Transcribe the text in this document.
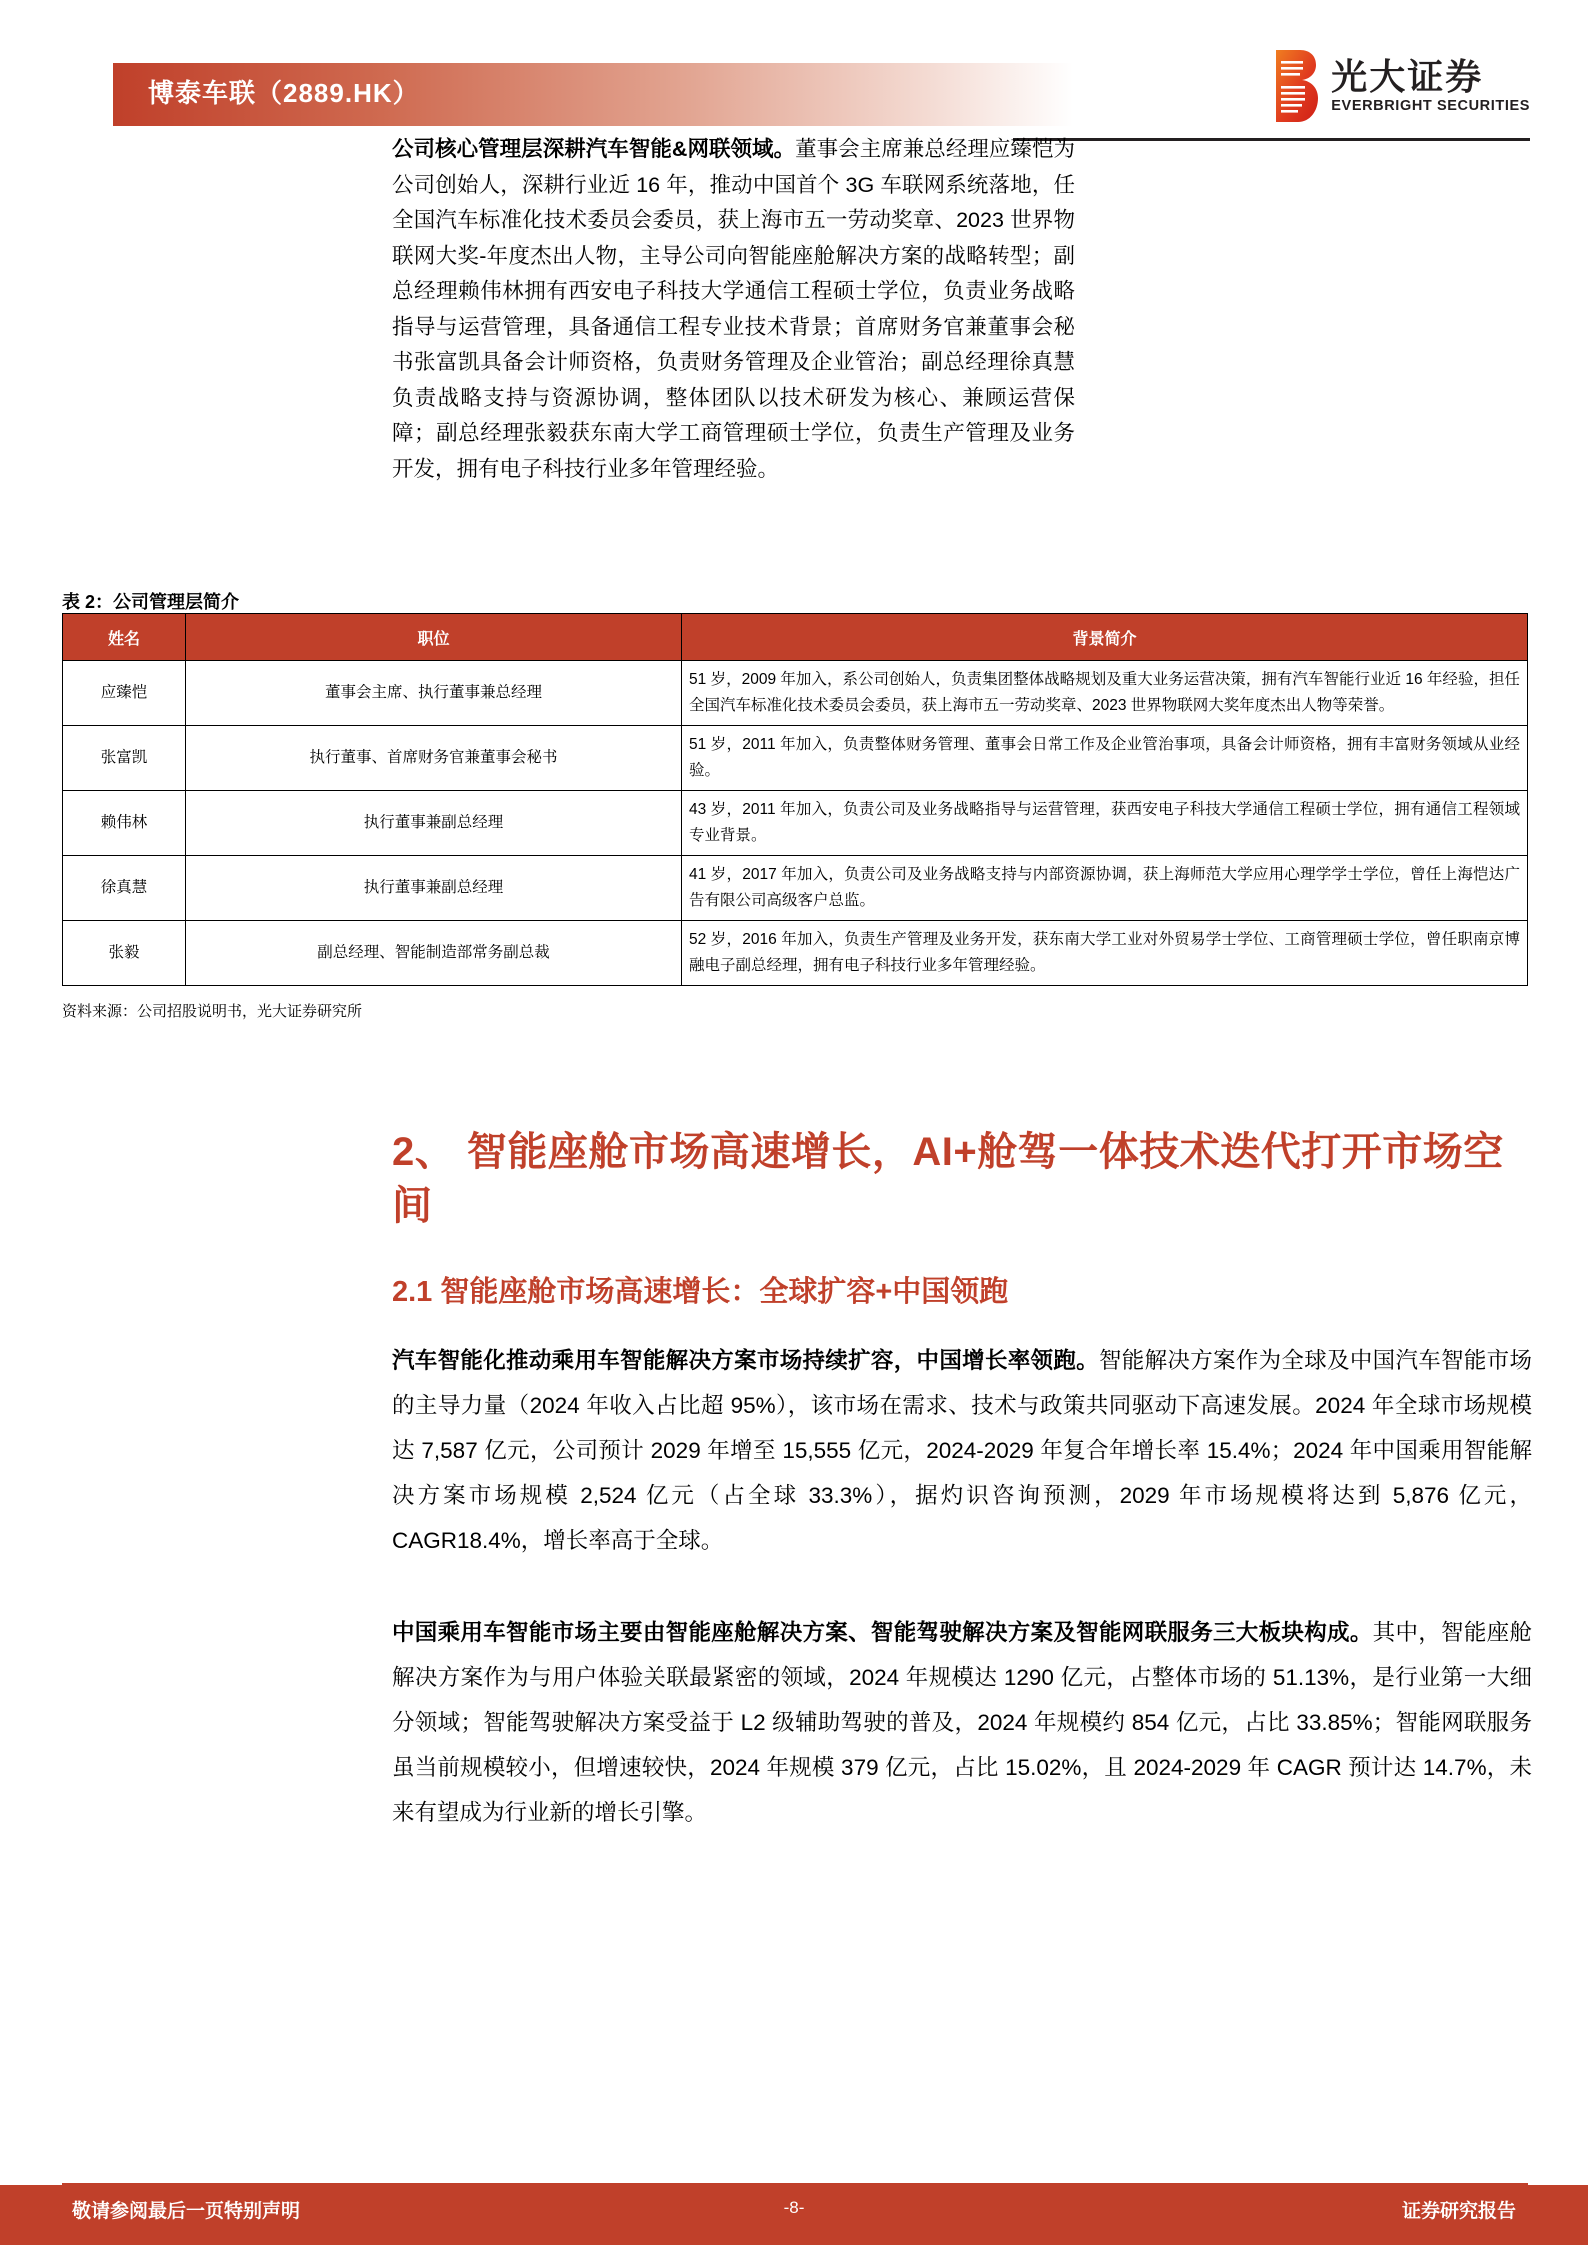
博泰车联（2889.HK）	光大证券
EVERBRIGHT SECURITIES
公司核心管理层深耕汽车智能&网联领域。董事会主席兼总经理应臻恺为公司创始人，深耕行业近 16 年，推动中国首个 3G 车联网系统落地，任全国汽车标准化技术委员会委员，获上海市五一劳动奖章、2023 世界物联网大奖-年度杰出人物，主导公司向智能座舱解决方案的战略转型；副总经理赖伟林拥有西安电子科技大学通信工程硕士学位，负责业务战略指导与运营管理，具备通信工程专业技术背景；首席财务官兼董事会秘书张富凯具备会计师资格，负责财务管理及企业管治；副总经理徐真慧负责战略支持与资源协调，整体团队以技术研发为核心、兼顾运营保障；副总经理张毅获东南大学工商管理硕士学位，负责生产管理及业务开发，拥有电子科技行业多年管理经验。
表 2：公司管理层简介
姓名	职位	背景简介
应臻恺	董事会主席、执行董事兼总经理	51 岁，2009 年加入，系公司创始人，负责集团整体战略规划及重大业务运营决策，拥有汽车智能行业近 16 年经验，担任全国汽车标准化技术委员会委员，获上海市五一劳动奖章、2023 世界物联网大奖年度杰出人物等荣誉。
张富凯	执行董事、首席财务官兼董事会秘书	51 岁，2011 年加入，负责整体财务管理、董事会日常工作及企业管治事项，具备会计师资格，拥有丰富财务领域从业经验。
赖伟林	执行董事兼副总经理	43 岁，2011 年加入，负责公司及业务战略指导与运营管理，获西安电子科技大学通信工程硕士学位，拥有通信工程领域专业背景。
徐真慧	执行董事兼副总经理	41 岁，2017 年加入，负责公司及业务战略支持与内部资源协调，获上海师范大学应用心理学学士学位，曾任上海恺达广告有限公司高级客户总监。
张毅	副总经理、智能制造部常务副总裁	52 岁，2016 年加入，负责生产管理及业务开发，获东南大学工业对外贸易学士学位、工商管理硕士学位，曾任职南京博融电子副总经理，拥有电子科技行业多年管理经验。
资料来源：公司招股说明书，光大证券研究所
2、 智能座舱市场高速增长，AI+舱驾一体技术迭代打开市场空间
2.1 智能座舱市场高速增长：全球扩容+中国领跑
汽车智能化推动乘用车智能解决方案市场持续扩容，中国增长率领跑。智能解决方案作为全球及中国汽车智能市场的主导力量（2024 年收入占比超 95%），该市场在需求、技术与政策共同驱动下高速发展。2024 年全球市场规模达 7,587 亿元，公司预计 2029 年增至 15,555 亿元，2024-2029 年复合年增长率 15.4%；2024 年中国乘用智能解决方案市场规模 2,524 亿元（占全球 33.3%），据灼识咨询预测，2029 年市场规模将达到 5,876 亿元，CAGR18.4%，增长率高于全球。
中国乘用车智能市场主要由智能座舱解决方案、智能驾驶解决方案及智能网联服务三大板块构成。其中，智能座舱解决方案作为与用户体验关联最紧密的领域，2024 年规模达 1290 亿元，占整体市场的 51.13%，是行业第一大细分领域；智能驾驶解决方案受益于 L2 级辅助驾驶的普及，2024 年规模约 854 亿元，占比 33.85%；智能网联服务虽当前规模较小，但增速较快，2024 年规模 379 亿元，占比 15.02%，且 2024-2029 年 CAGR 预计达 14.7%，未来有望成为行业新的增长引擎。
敬请参阅最后一页特别声明	-8-	证券研究报告
